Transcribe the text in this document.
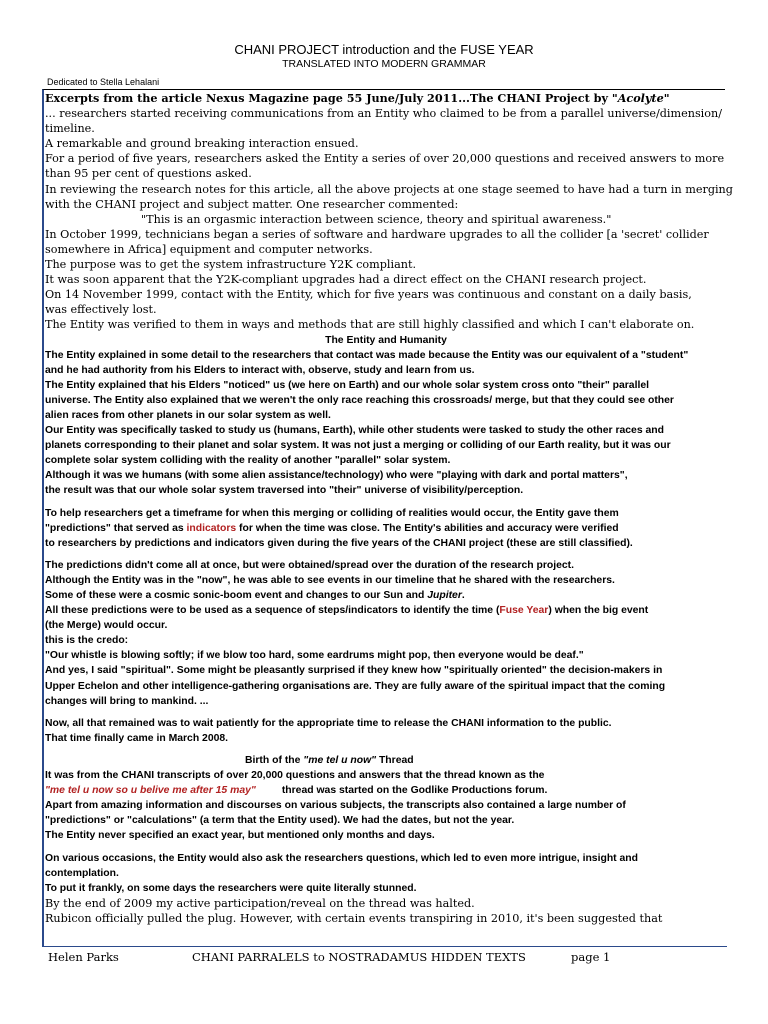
CHANI PROJECT introduction and the FUSE YEAR
TRANSLATED INTO MODERN GRAMMAR
Dedicated to Stella Lehalani
Excerpts from the article Nexus Magazine page 55 June/July 2011...The CHANI Project by "Acolyte"
... researchers started receiving communications from an Entity who claimed to be from a parallel universe/dimension/
timeline.
A remarkable and ground breaking interaction ensued.
For a period of five years, researchers asked the Entity a series of over 20,000 questions and received answers to more
than 95 per cent of questions asked.
In reviewing the research notes for this article, all the above projects at one stage seemed to have had a turn in merging
with the CHANI project and subject matter. One researcher commented:
"This is an orgasmic interaction between science, theory and spiritual awareness."
In October 1999, technicians began a series of software and hardware upgrades to all the collider [a 'secret' collider
somewhere in Africa] equipment and computer networks.
The purpose was to get the system infrastructure Y2K compliant.
It was soon apparent that the Y2K-compliant upgrades had a direct effect on the CHANI research project.
On 14 November 1999, contact with the Entity, which for five years was continuous and constant on a daily basis,
was effectively lost.
The Entity was verified to them in ways and methods that are still highly classified and which I can't elaborate on.
The Entity and Humanity
The Entity explained in some detail to the researchers that contact was made because the Entity was our equivalent of a "student"
and he had authority from his Elders to interact with, observe, study and learn from us.
The Entity explained that his Elders "noticed" us (we here on Earth) and our whole solar system cross onto "their" parallel
universe. The Entity also explained that we weren't the only race reaching this crossroads/ merge, but that they could see other
alien races from other planets in our solar system as well.
Our Entity was specifically tasked to study us (humans, Earth), while other students were tasked to study the other races and
planets corresponding to their planet and solar system. It was not just a merging or colliding of our Earth reality, but it was our
complete solar system colliding with the reality of another "parallel" solar system.
Although it was we humans (with some alien assistance/technology) who were "playing with dark and portal matters",
the result was that our whole solar system traversed into "their" universe of visibility/perception.
To help researchers get a timeframe for when this merging or colliding of realities would occur, the Entity gave them
"predictions" that served as indicators for when the time was close. The Entity's abilities and accuracy were verified
to researchers by predictions and indicators given during the five years of the CHANI project (these are still classified).
The predictions didn't come all at once, but were obtained/spread over the duration of the research project.
Although the Entity was in the "now", he was able to see events in our timeline that he shared with the researchers.
Some of these were a cosmic sonic-boom event and changes to our Sun and Jupiter.
All these predictions were to be used as a sequence of steps/indicators to identify the time (Fuse Year) when the big event
(the Merge) would occur.
this is the credo:
"Our whistle is blowing softly; if we blow too hard, some eardrums might pop, then everyone would be deaf."
And yes, I said "spiritual". Some might be pleasantly surprised if they knew how "spiritually oriented" the decision-makers in
Upper Echelon and other intelligence-gathering organisations are. They are fully aware of the spiritual impact that the coming
changes will bring to mankind. ...
Now, all that remained was to wait patiently for the appropriate time to release the CHANI information to the public.
That time finally came in March 2008.
Birth of the "me tel u now" Thread
It was from the CHANI transcripts of over 20,000 questions and answers that the thread known as the
"me tel u now so u belive me after 15 may"	thread was started on the Godlike Productions forum.
Apart from amazing information and discourses on various subjects, the transcripts also contained a large number of
"predictions" or "calculations" (a term that the Entity used). We had the dates, but not the year.
The Entity never specified an exact year, but mentioned only months and days.
On various occasions, the Entity would also ask the researchers questions, which led to even more intrigue, insight and
contemplation.
To put it frankly, on some days the researchers were quite literally stunned.
By the end of 2009 my active participation/reveal on the thread was halted.
Rubicon officially pulled the plug. However, with certain events transpiring in 2010, it's been suggested that
Helen Parks	CHANI PARRALELS to NOSTRADAMUS HIDDEN TEXTS	page 1
